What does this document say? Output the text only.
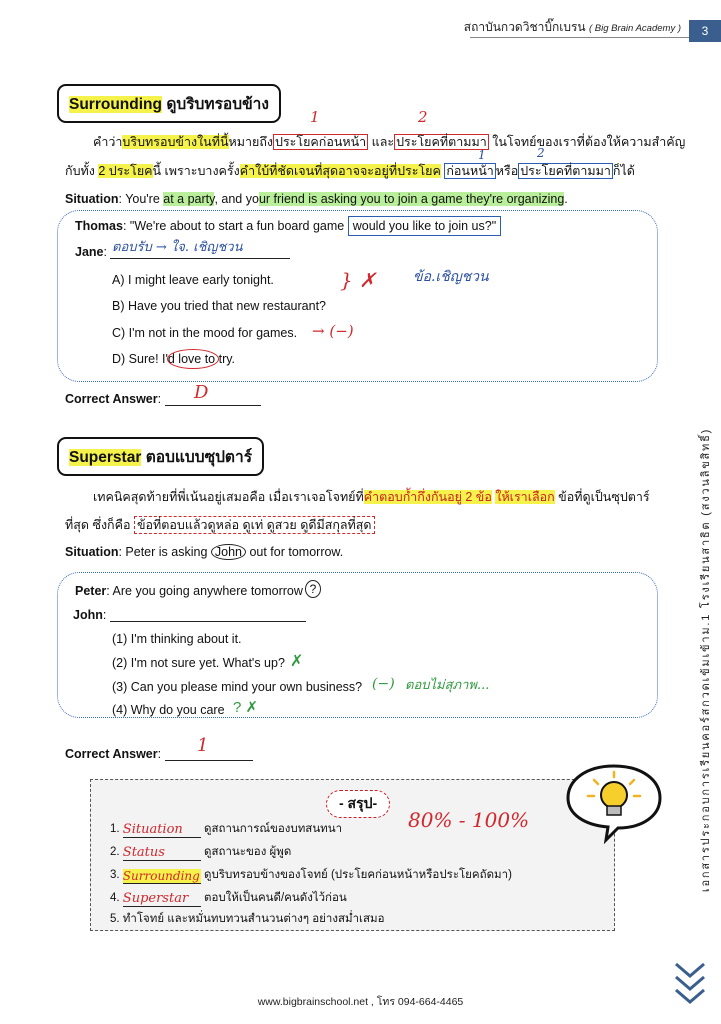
สถาบันกวดวิชาบิ๊กเบรน ( Big Brain Academy )	3
Surrounding ดูบริบทรอบข้าง
1	2
คำว่าบริบทรอบข้างในที่นี้หมายถึง ประโยคก่อนหน้า และ ประโยคที่ตามมา ในโจทย์ของเราที่ต้องให้ความสำคัญ
1	2
กับทั้ง 2 ประโยคนี้ เพราะบางครั้งคำใบ้ที่ชัดเจนที่สุดอาจจะอยู่ที่ประโยค ก่อนหน้า หรือ ประโยคที่ตามมา ก็ได้
Situation: You're at a party, and your friend is asking you to join a game they're organizing.
Thomas: "We're about to start a fun board game would you like to join us?"
Jane: ตอบรับ → ใจ. เชิญชวน
A) I might leave early tonight.
B) Have you tried that new restaurant?
C) I'm not in the mood for games.
D) Sure! I'd love to try.
} ✗	ข้อ.เชิญชวน
→ (−)
Correct Answer:	D
Superstar ตอบแบบซุปตาร์
เทคนิคสุดท้ายที่พี่เน้นอยู่เสมอคือ เมื่อเราเจอโจทย์ที่คำตอบก้ำกึ่งกันอยู่ 2 ข้อ ให้เราเลือก ข้อที่ดูเป็นซุปตาร์
ที่สุด ซึ่งก็คือ ข้อที่ตอบแล้วดูหล่อ ดูเท่ ดูสวย ดูดีมีสกุลที่สุด
Situation: Peter is asking John out for tomorrow.
Peter: Are you going anywhere tomorrow ?
John:
(1) I'm thinking about it.
(2) I'm not sure yet. What's up?
(3) Can you please mind your own business?
(4) Why do you care
✗
(−) ตอบไม่สุภาพ...
? ✗
Correct Answer:	1
- สรุป-
80% - 100%
1. Situation ดูสถานการณ์ของบทสนทนา
2. Status	ดูสถานะของ ผู้พูด
3. Surrounding ดูบริบทรอบข้างของโจทย์ (ประโยคก่อนหน้าหรือประโยคถัดมา)
4. Superstar ตอบให้เป็นคนดี/คนดังไว้ก่อน
5. ทำโจทย์ และหมั่นทบทวนสำนวนต่างๆ อย่างสม่ำเสมอ
เอกสารประกอบการเรียนคอร์สกวดเข้มเข้าม.1 โรงเรียนสาธิต (สงวนลิขสิทธิ์)
www.bigbrainschool.net , โทร 094-664-4465
